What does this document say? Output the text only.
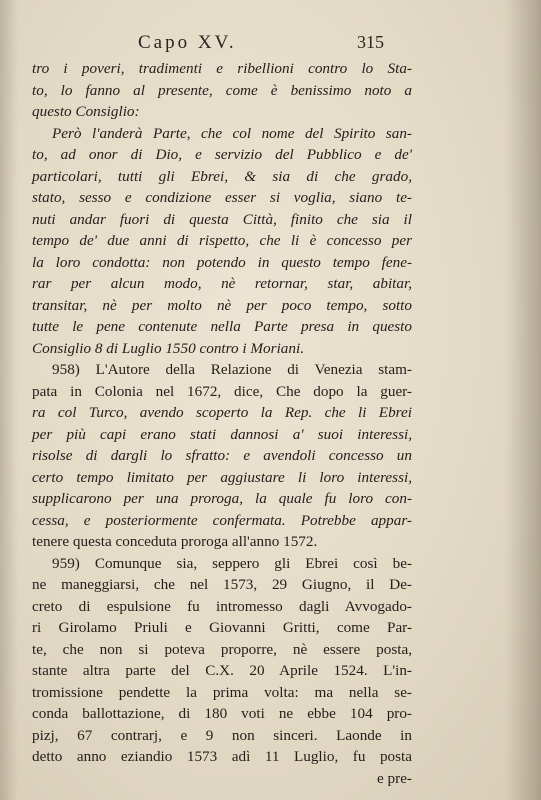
Capo XV.	315
tro i poveri, tradimenti e ribellioni contro lo Sta-
to, lo fanno al presente, come è benissimo noto a
questo Consiglio:
Però l'anderà Parte, che col nome del Spirito san-
to, ad onor di Dio, e servizio del Pubblico e de'
particolari, tutti gli Ebrei, & sia di che grado,
stato, sesso e condizione esser si voglia, siano te-
nuti andar fuori di questa Città, finito che sia il
tempo de' due anni di rispetto, che li è concesso per
la loro condotta: non potendo in questo tempo fene-
rar per alcun modo, nè retornar, star, abitar,
transitar, nè per molto nè per poco tempo, sotto
tutte le pene contenute nella Parte presa in questo
Consiglio 8 di Luglio 1550 contro i Moriani.
958) L'Autore della Relazione di Venezia stam-
pata in Colonia nel 1672, dice, Che dopo la guer-
ra col Turco, avendo scoperto la Rep. che li Ebrei
per più capi erano stati dannosi a' suoi interessi,
risolse di dargli lo sfratto: e avendoli concesso un
certo tempo limitato per aggiustare li loro interessi,
supplicarono per una proroga, la quale fu loro con-
cessa, e posteriormente confermata. Potrebbe appar-
tenere questa conceduta proroga all'anno 1572.
959) Comunque sia, seppero gli Ebrei così be-
ne maneggiarsi, che nel 1573, 29 Giugno, il De-
creto di espulsione fu intromesso dagli Avvogado-
ri Girolamo Priuli e Giovanni Gritti, come Par-
te, che non si poteva proporre, nè essere posta,
stante altra parte del C.X. 20 Aprile 1524. L'in-
tromissione pendette la prima volta: ma nella se-
conda ballottazione, di 180 voti ne ebbe 104 pro-
pizj, 67 contrarj, e 9 non sinceri. Laonde in
detto anno eziandio 1573 adì 11 Luglio, fu posta
e pre-
